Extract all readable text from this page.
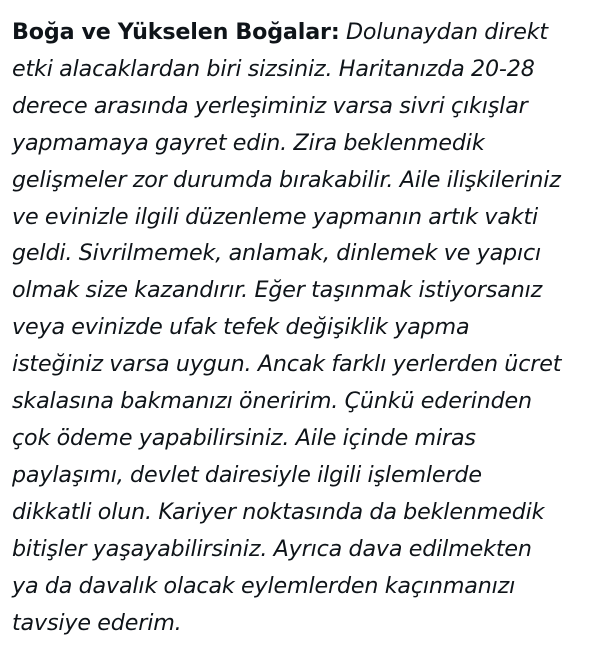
Boğa ve Yükselen Boğalar: Dolunaydan direkt
etki alacaklardan biri sizsiniz. Haritanızda 20-28
derece arasında yerleşiminiz varsa sivri çıkışlar
yapmamaya gayret edin. Zira beklenmedik
gelişmeler zor durumda bırakabilir. Aile ilişkileriniz
ve evinizle ilgili düzenleme yapmanın artık vakti
geldi. Sivrilmemek, anlamak, dinlemek ve yapıcı
olmak size kazandırır. Eğer taşınmak istiyorsanız
veya evinizde ufak tefek değişiklik yapma
isteğiniz varsa uygun. Ancak farklı yerlerden ücret
skalasına bakmanızı öneririm. Çünkü ederinden
çok ödeme yapabilirsiniz. Aile içinde miras
paylaşımı, devlet dairesiyle ilgili işlemlerde
dikkatli olun. Kariyer noktasında da beklenmedik
bitişler yaşayabilirsiniz. Ayrıca dava edilmekten
ya da davalık olacak eylemlerden kaçınmanızı
tavsiye ederim.
